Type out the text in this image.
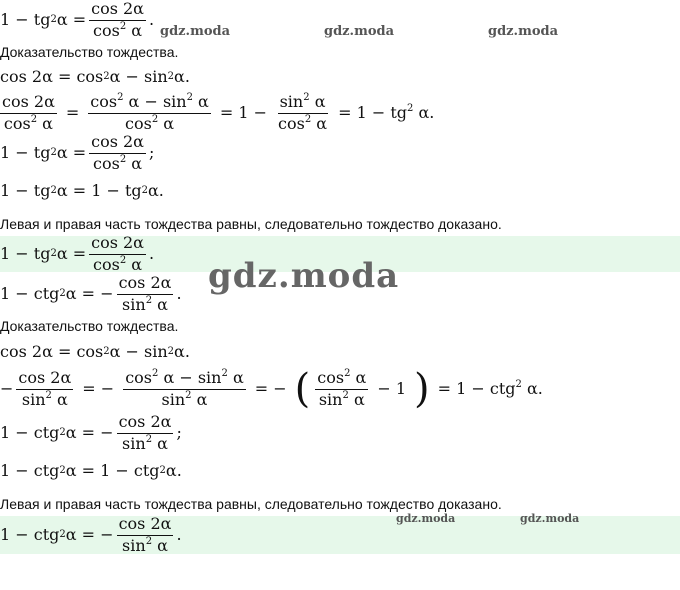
gdz.moda	gdz.moda	gdz.moda
gdz.moda
gdz.moda	gdz.moda
1 − tg 2 $\alpha = \frac{\cos 2\alpha}{\cos^2 \alpha}$ .
Доказательство тождества.
cos 2α = cos 2 α − sin 2 α.
$\frac{\cos 2\alpha}{\cos^2 \alpha} = \frac{\cos^2 \alpha - \sin^2 \alpha}{\cos^2 \alpha} = 1 - \frac{\sin^2 \alpha}{\cos^2 \alpha} = 1 - tg^2$ α.
1 − tg 2 $\alpha = \frac{\cos 2\alpha}{\cos^2 \alpha}$ ;
1 − tg 2 α = 1 − tg 2 α.
Левая и правая часть тождества равны, следовательно тождество доказано.
1 − tg 2 $\alpha = \frac{\cos 2\alpha}{\cos^2 \alpha}$ .
1 − ctg 2 α = − $\frac{\cos 2\alpha}{\sin^2 \alpha}$ .
Доказательство тождества.
cos 2α = cos 2 α − sin 2 α.
− $\frac{\cos 2\alpha}{\sin^2 \alpha}$ = − $\frac{\cos^2 \alpha - \sin^2 \alpha}{\sin^2 \alpha}$ = − ( $\cos^2 \alpha$
$\sin^2 \alpha$
− 1 ) = 1 − ctg$^2$ α.
1 − ctg 2 α = − $\frac{\cos 2\alpha}{\sin^2 \alpha}$ ;
1 − ctg 2 α = 1 − ctg 2 α.
Левая и правая часть тождества равны, следовательно тождество доказано.
1 − ctg 2 α = − $\frac{\cos 2\alpha}{\sin^2 \alpha}$ .
